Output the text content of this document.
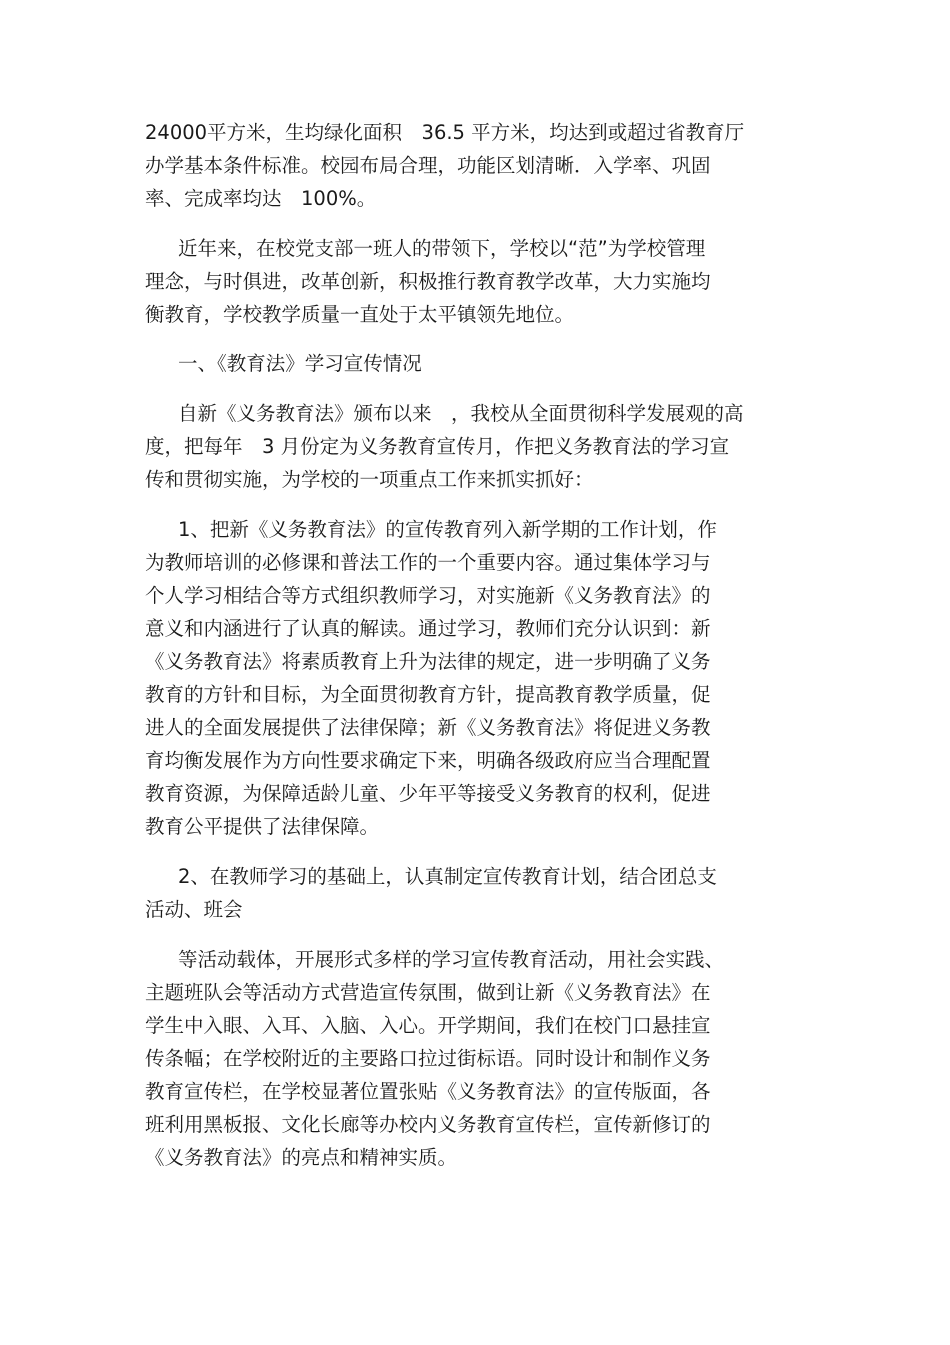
24000平方米，生均绿化面积　36.5 平方米，均达到或超过省教育厅
办学基本条件标准。校园布局合理，功能区划清晰．入学率、巩固
率、完成率均达　100%。
近年来，在校党支部一班人的带领下，学校以“范”为学校管理
理念，与时俱进，改革创新，积极推行教育教学改革，大力实施均
衡教育，学校教学质量一直处于太平镇领先地位。
一、《教育法》学习宣传情况
自新《义务教育法》颁布以来　，我校从全面贯彻科学发展观的高
度，把每年　3 月份定为义务教育宣传月，作把义务教育法的学习宣
传和贯彻实施，为学校的一项重点工作来抓实抓好：
1、把新《义务教育法》的宣传教育列入新学期的工作计划，作
为教师培训的必修课和普法工作的一个重要内容。通过集体学习与
个人学习相结合等方式组织教师学习，对实施新《义务教育法》的
意义和内涵进行了认真的解读。通过学习，教师们充分认识到：新
《义务教育法》将素质教育上升为法律的规定，进一步明确了义务
教育的方针和目标，为全面贯彻教育方针，提高教育教学质量，促
进人的全面发展提供了法律保障；新《义务教育法》将促进义务教
育均衡发展作为方向性要求确定下来，明确各级政府应当合理配置
教育资源，为保障适龄儿童、少年平等接受义务教育的权利，促进
教育公平提供了法律保障。
2、在教师学习的基础上，认真制定宣传教育计划，结合团总支
活动、班会
等活动载体，开展形式多样的学习宣传教育活动，用社会实践、
主题班队会等活动方式营造宣传氛围，做到让新《义务教育法》在
学生中入眼、入耳、入脑、入心。开学期间，我们在校门口悬挂宣
传条幅；在学校附近的主要路口拉过街标语。同时设计和制作义务
教育宣传栏，在学校显著位置张贴《义务教育法》的宣传版面，各
班利用黑板报、文化长廊等办校内义务教育宣传栏，宣传新修订的
《义务教育法》的亮点和精神实质。
